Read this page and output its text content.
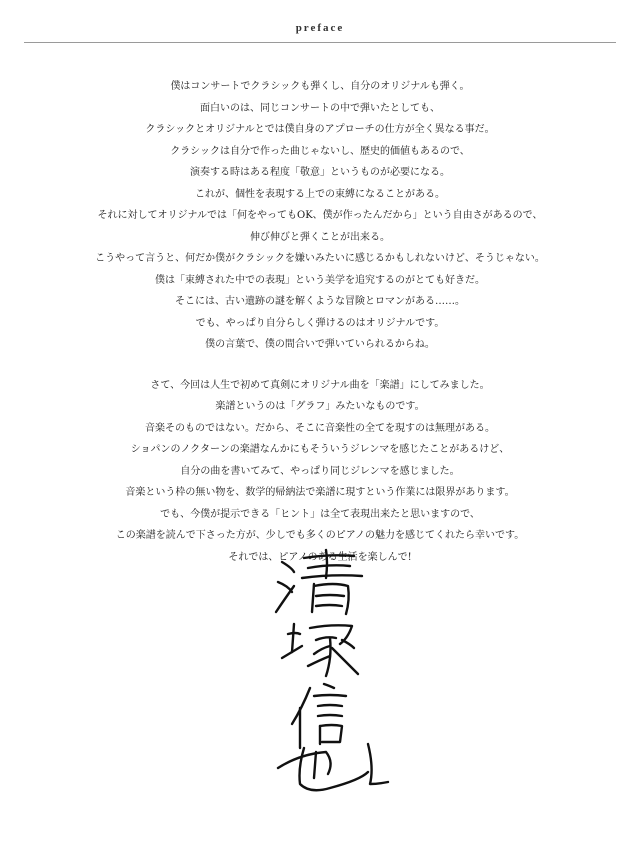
preface
僕はコンサートでクラシックも弾くし、自分のオリジナルも弾く。
面白いのは、同じコンサートの中で弾いたとしても、
クラシックとオリジナルとでは僕自身のアプローチの仕方が全く異なる事だ。
クラシックは自分で作った曲じゃないし、歴史的価値もあるので、
演奏する時はある程度「敬意」というものが必要になる。
これが、個性を表現する上での束縛になることがある。
それに対してオリジナルでは「何をやってもOK、僕が作ったんだから」という自由さがあるので、
伸び伸びと弾くことが出来る。
こうやって言うと、何だか僕がクラシックを嫌いみたいに感じるかもしれないけど、そうじゃない。
僕は「束縛された中での表現」という美学を追究するのがとても好きだ。
そこには、古い遺跡の謎を解くような冒険とロマンがある……。
でも、やっぱり自分らしく弾けるのはオリジナルです。
僕の言葉で、僕の間合いで弾いていられるからね。
さて、今回は人生で初めて真剣にオリジナル曲を「楽譜」にしてみました。
楽譜というのは「グラフ」みたいなものです。
音楽そのものではない。だから、そこに音楽性の全てを現すのは無理がある。
ショパンのノクターンの楽譜なんかにもそういうジレンマを感じたことがあるけど、
自分の曲を書いてみて、やっぱり同じジレンマを感じました。
音楽という枠の無い物を、数学的帰納法で楽譜に現すという作業には限界があります。
でも、今僕が提示できる「ヒント」は全て表現出来たと思いますので、
この楽譜を読んで下さった方が、少しでも多くのピアノの魅力を感じてくれたら幸いです。
それでは、ピアノのある生活を楽しんで!
